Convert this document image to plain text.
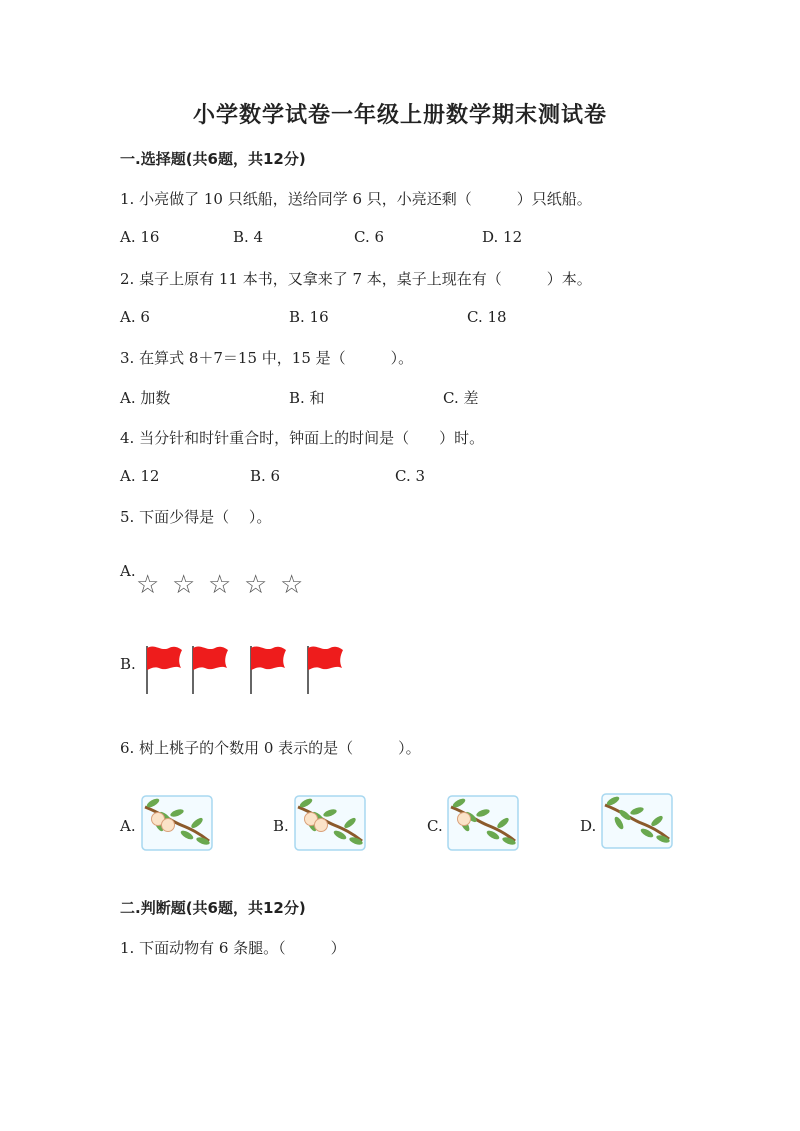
小学数学试卷一年级上册数学期末测试卷
一.选择题(共6题，共12分)
1. 小亮做了 10 只纸船，送给同学 6 只，小亮还剩（　　　）只纸船。
A. 16	B. 4	C. 6	D. 12
2. 桌子上原有 11 本书，又拿来了 7 本，桌子上现在有（　　　）本。
A. 6	B. 16	C. 18
3. 在算式 8＋7＝15 中，15 是（　　　）。
A. 加数	B. 和	C. 差
4. 当分针和时针重合时，钟面上的时间是（　　）时。
A. 12	B. 6	C. 3
5. 下面少得是（　 ）。
A. ☆ ☆ ☆ ☆ ☆
B.
6. 树上桃子的个数用 0 表示的是（　　　）。
A.	B.	C.	D.
二.判断题(共6题，共12分)
1. 下面动物有 6 条腿。（　　　）
